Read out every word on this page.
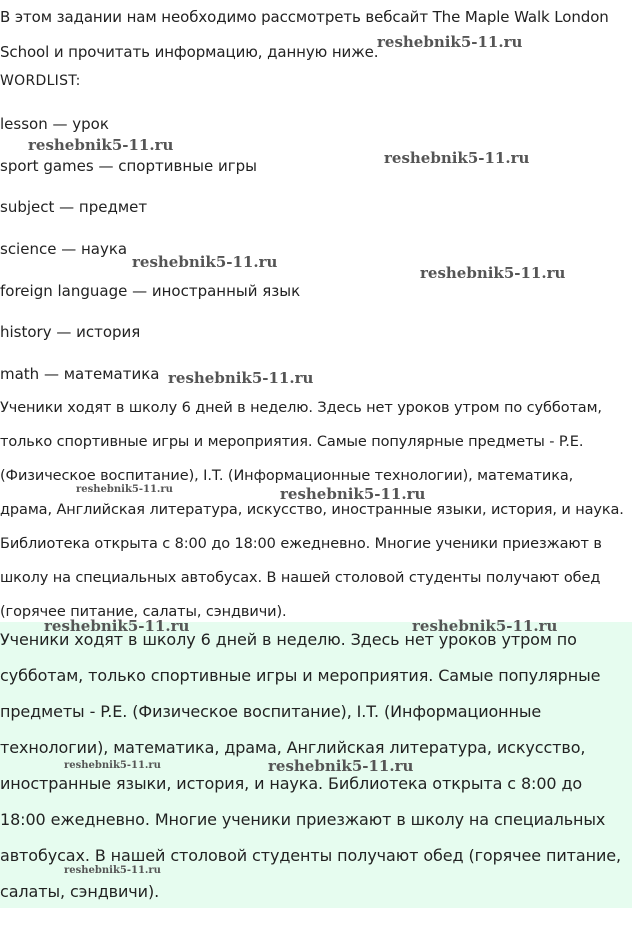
В этом задании нам необходимо рассмотреть вебсайт The Maple Walk London School и прочитать информацию, данную ниже.

WORDLIST:
lesson — урок
sport games — спортивные игры
subject — предмет
science — наука
foreign language — иностранный язык
history — история
math — математика

Ученики ходят в школу 6 дней в неделю. Здесь нет уроков утром по субботам, только спортивные игры и мероприятия. Самые популярные предметы - P.E. (Физическое воспитание), I.T. (Информационные технологии), математика, драма, Английская литература, искусство, иностранные языки, история, и наука. Библиотека открыта с 8:00 до 18:00 ежедневно. Многие ученики приезжают в школу на специальных автобусах. В нашей столовой студенты получают обед (горячее питание, салаты, сэндвичи).

Ученики ходят в школу 6 дней в неделю. Здесь нет уроков утром по субботам, только спортивные игры и мероприятия. Самые популярные предметы - P.E. (Физическое воспитание), I.T. (Информационные технологии), математика, драма, Английская литература, искусство, иностранные языки, история, и наука. Библиотека открыта с 8:00 до 18:00 ежедневно. Многие ученики приезжают в школу на специальных автобусах. В нашей столовой студенты получают обед (горячее питание, салаты, сэндвичи).

reshebnik5-11.ru
reshebnik5-11.ru
reshebnik5-11.ru
reshebnik5-11.ru
reshebnik5-11.ru
reshebnik5-11.ru
reshebnik5-11.ru	reshebnik5-11.ru
reshebnik5-11.ru	reshebnik5-11.ru
reshebnik5-11.ru	reshebnik5-11.ru
reshebnik5-11.ru
